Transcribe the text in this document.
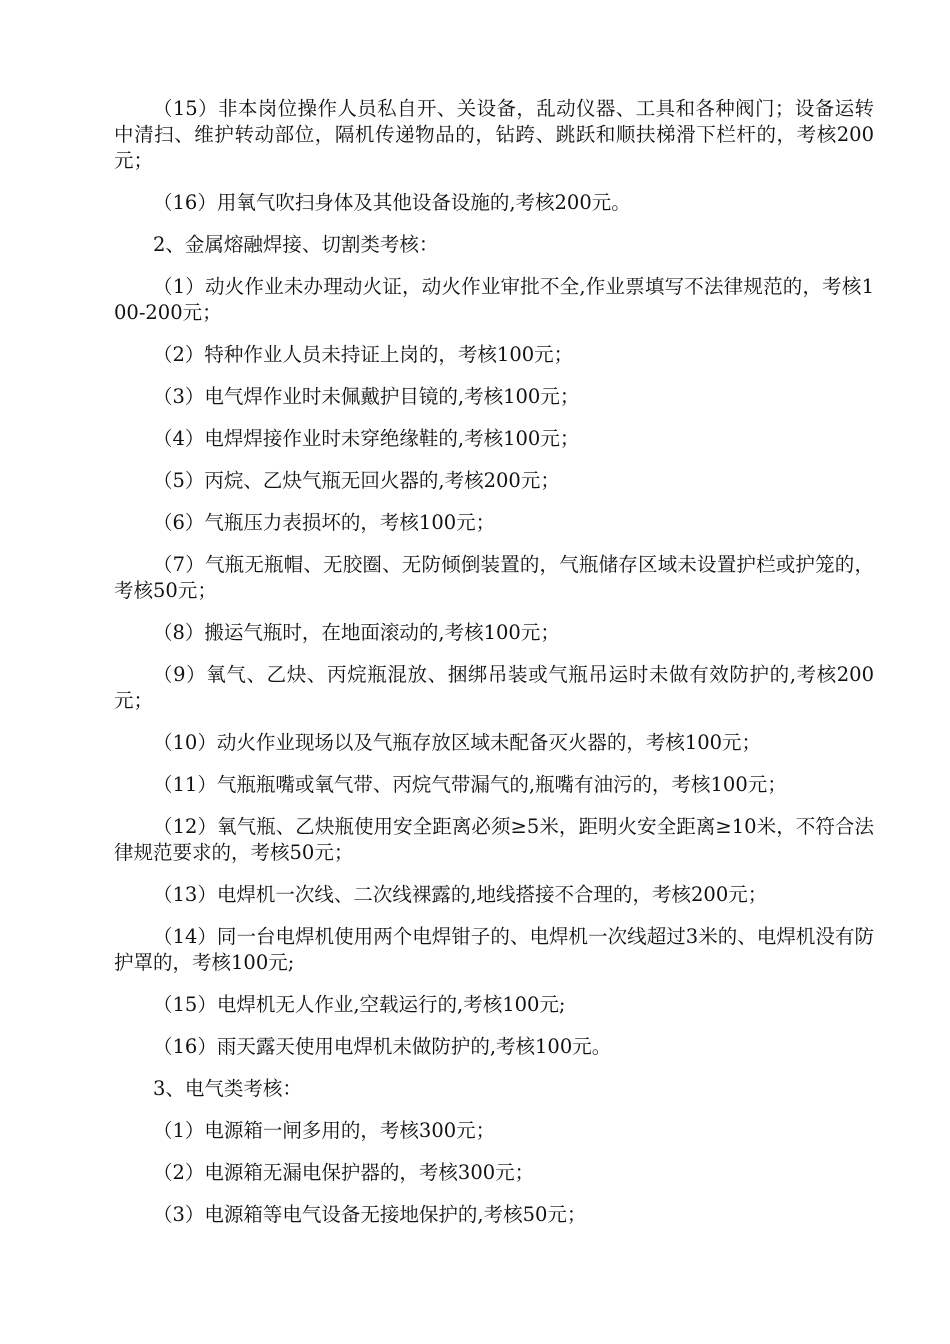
（15）非本岗位操作人员私自开、关设备，乱动仪器、工具和各种阀门；设备运转中清扫、维护转动部位，隔机传递物品的，钻跨、跳跃和顺扶梯滑下栏杆的，考核200元；

（16）用氧气吹扫身体及其他设备设施的,考核200元。

2、金属熔融焊接、切割类考核：

（1）动火作业未办理动火证，动火作业审批不全,作业票填写不法律规范的，考核100-200元；

（2）特种作业人员未持证上岗的，考核100元；

（3）电气焊作业时未佩戴护目镜的,考核100元；

（4）电焊焊接作业时未穿绝缘鞋的,考核100元；

（5）丙烷、乙炔气瓶无回火器的,考核200元；

（6）气瓶压力表损坏的，考核100元；

（7）气瓶无瓶帽、无胶圈、无防倾倒装置的，气瓶储存区域未设置护栏或护笼的，考核50元；

（8）搬运气瓶时，在地面滚动的,考核100元；

（9）氧气、乙炔、丙烷瓶混放、捆绑吊装或气瓶吊运时未做有效防护的,考核200元；

（10）动火作业现场以及气瓶存放区域未配备灭火器的，考核100元；

（11）气瓶瓶嘴或氧气带、丙烷气带漏气的,瓶嘴有油污的，考核100元；

（12）氧气瓶、乙炔瓶使用安全距离必须≥5米，距明火安全距离≥10米，不符合法律规范要求的，考核50元；

（13）电焊机一次线、二次线裸露的,地线搭接不合理的，考核200元；

（14）同一台电焊机使用两个电焊钳子的、电焊机一次线超过3米的、电焊机没有防护罩的，考核100元;

（15）电焊机无人作业,空载运行的,考核100元;

（16）雨天露天使用电焊机未做防护的,考核100元。

3、电气类考核：

（1）电源箱一闸多用的，考核300元；

（2）电源箱无漏电保护器的，考核300元；

（3）电源箱等电气设备无接地保护的,考核50元；
